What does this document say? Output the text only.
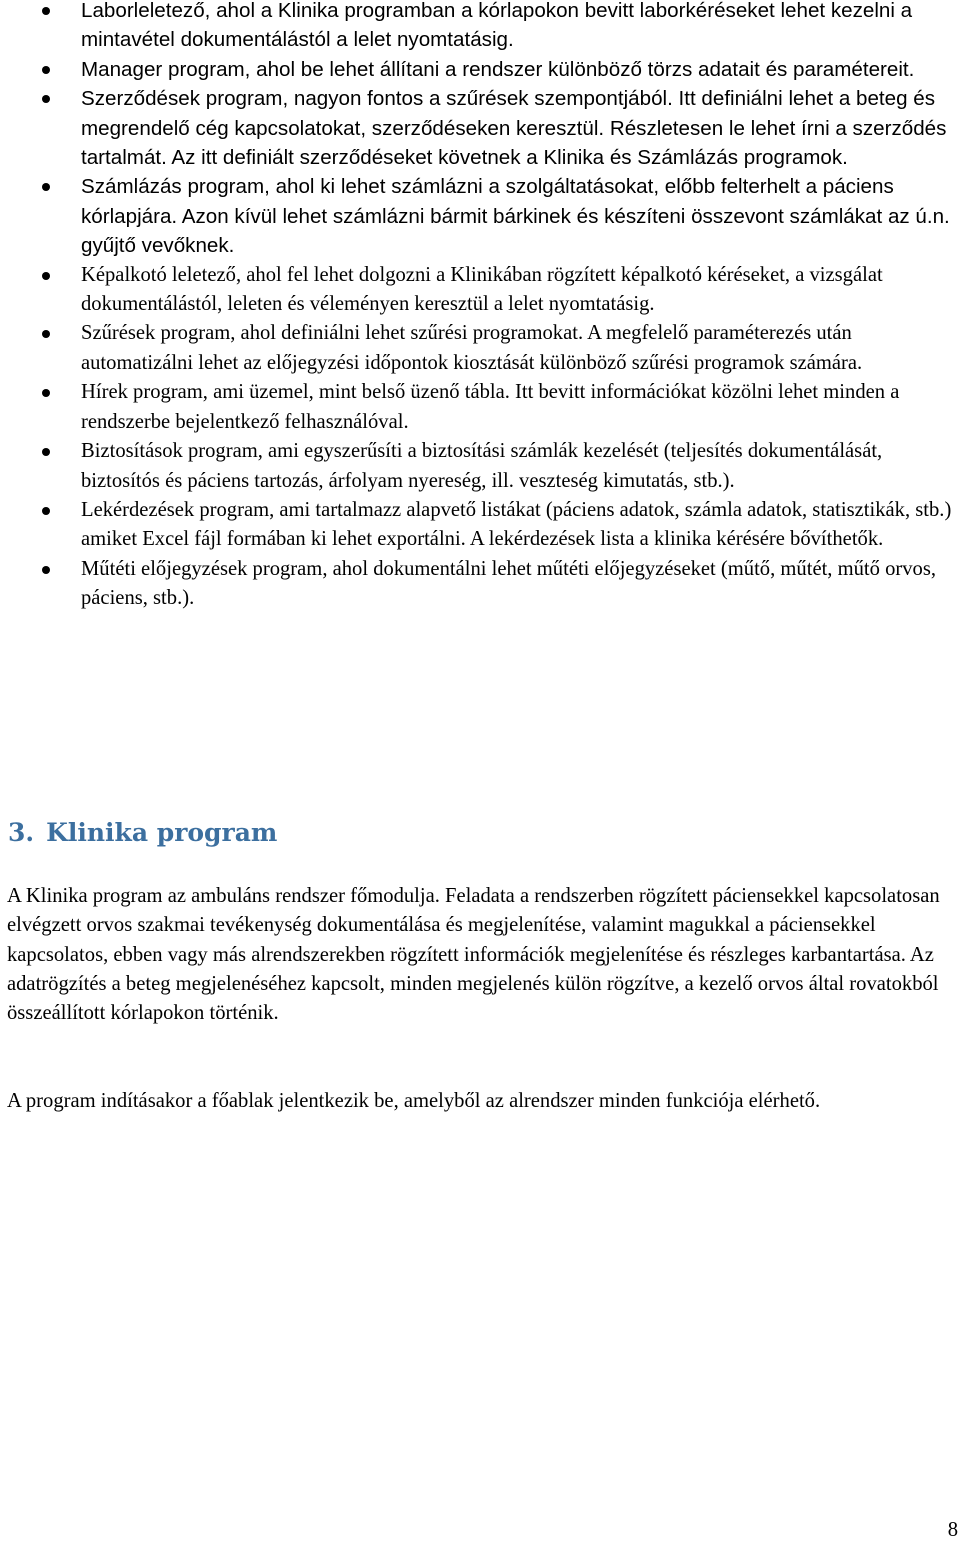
Laborleletező, ahol a Klinika programban a kórlapokon bevitt laborkéréseket lehet kezelni a mintavétel dokumentálástól a lelet nyomtatásig.
Manager program, ahol be lehet állítani a rendszer különböző törzs adatait és paramétereit.
Szerződések program, nagyon fontos a szűrések szempontjából. Itt definiálni lehet a beteg és megrendelő cég kapcsolatokat, szerződéseken keresztül. Részletesen le lehet írni a szerződés tartalmát. Az itt definiált szerződéseket követnek a Klinika és Számlázás programok.
Számlázás program, ahol ki lehet számlázni a szolgáltatásokat, előbb felterhelt a páciens kórlapjára. Azon kívül lehet számlázni bármit bárkinek és készíteni összevont számlákat az ú.n. gyűjtő vevőknek.
Képalkotó leletező, ahol fel lehet dolgozni a Klinikában rögzített képalkotó kéréseket, a vizsgálat dokumentálástól, leleten és véleményen keresztül a lelet nyomtatásig.
Szűrések program, ahol definiálni lehet szűrési programokat. A megfelelő paraméterezés után automatizálni lehet az előjegyzési időpontok kiosztását különböző szűrési programok számára.
Hírek program, ami üzemel, mint belső üzenő tábla. Itt bevitt információkat közölni lehet minden a rendszerbe bejelentkező felhasználóval.
Biztosítások program, ami egyszerűsíti a biztosítási számlák kezelését (teljesítés dokumentálását, biztosítós és páciens tartozás, árfolyam nyereség, ill. veszteség kimutatás, stb.).
Lekérdezések program, ami tartalmazz alapvető listákat (páciens adatok, számla adatok, statisztikák, stb.) amiket Excel fájl formában ki lehet exportálni. A lekérdezések lista a klinika kérésére bővíthetők.
Műtéti előjegyzések program, ahol dokumentálni lehet műtéti előjegyzéseket (műtő, műtét, műtő orvos, páciens, stb.).
3. Klinika program

A Klinika program az ambuláns rendszer főmodulja. Feladata a rendszerben rögzített páciensekkel kapcsolatosan elvégzett orvos szakmai tevékenység dokumentálása és megjelenítése, valamint magukkal a páciensekkel kapcsolatos, ebben vagy más alrendszerekben rögzített információk megjelenítése és részleges karbantartása. Az adatrögzítés a beteg megjelenéséhez kapcsolt, minden megjelenés külön rögzítve, a kezelő orvos által rovatokból összeállított kórlapokon történik.

A program indításakor a főablak jelentkezik be, amelyből az alrendszer minden funkciója elérhető.

8
